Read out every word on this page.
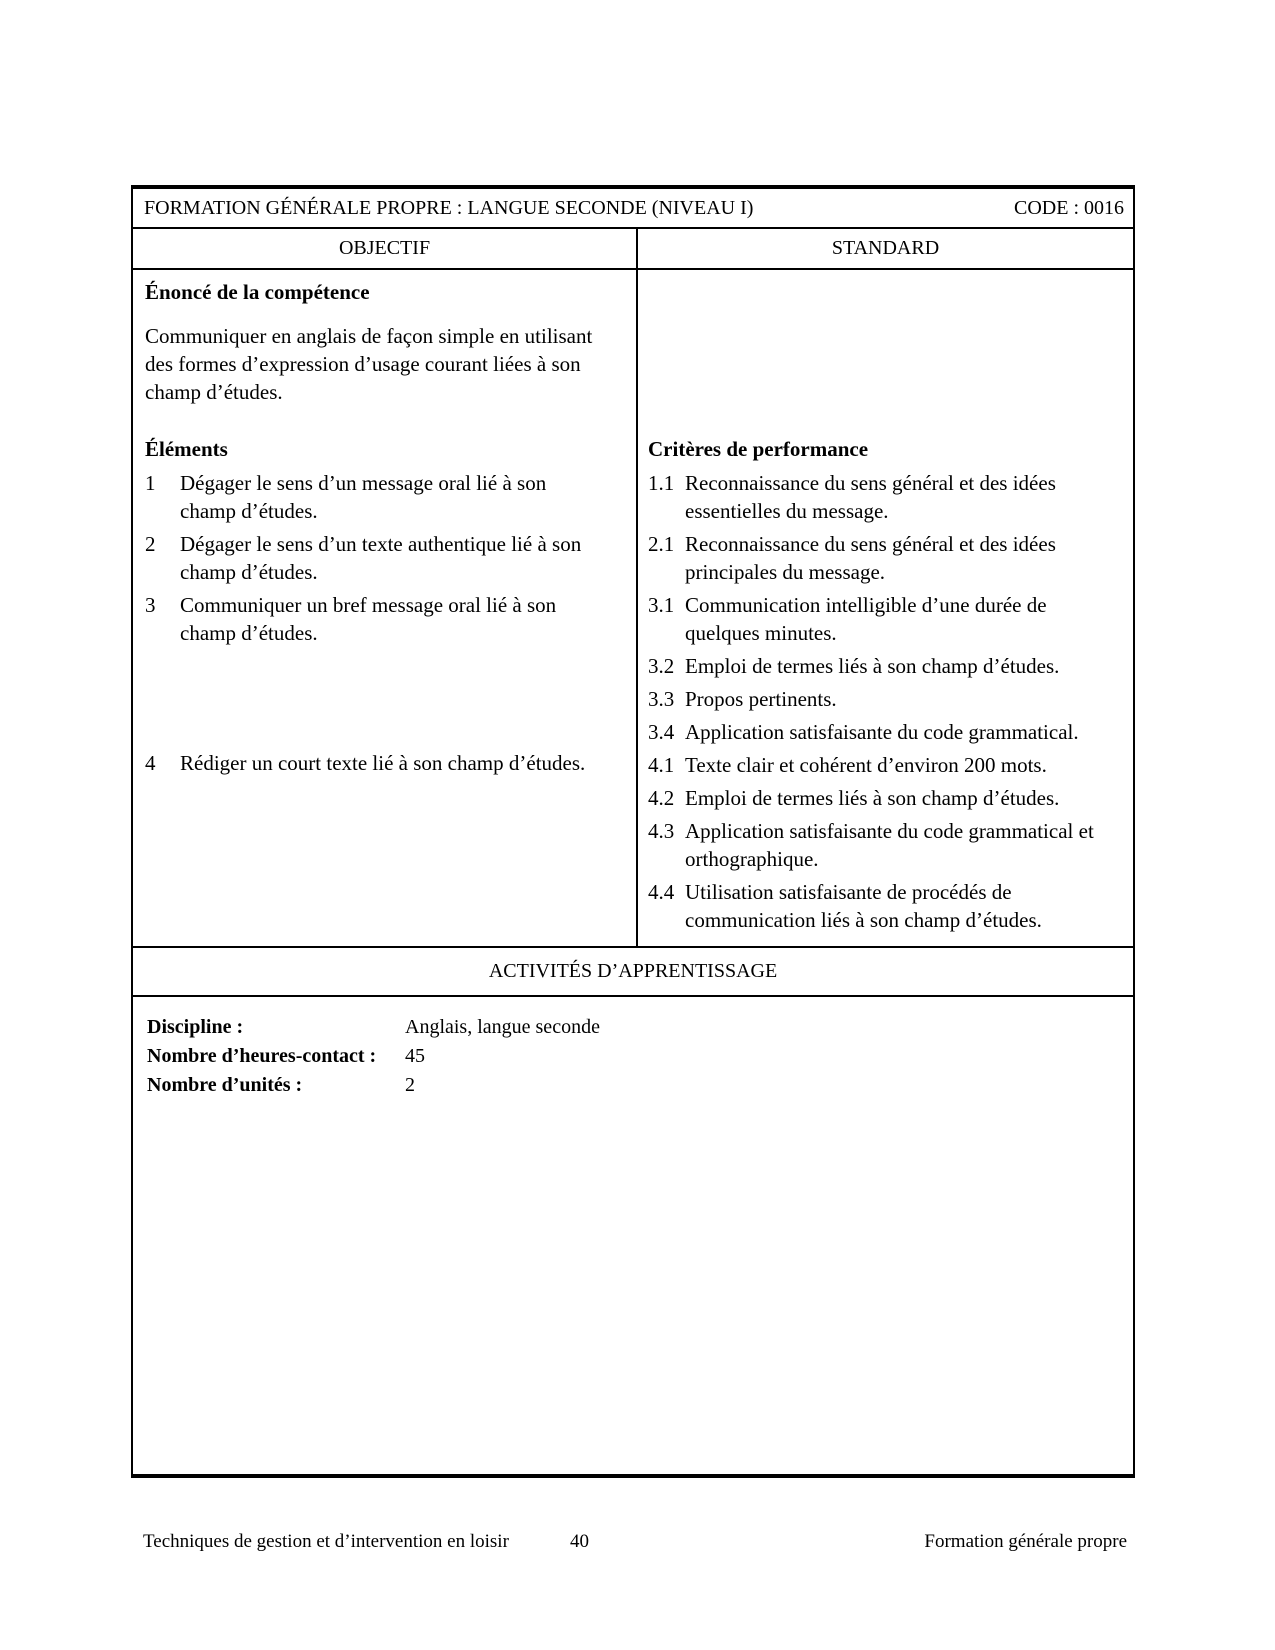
FORMATION GÉNÉRALE PROPRE : LANGUE SECONDE (NIVEAU I)	CODE : 0016
OBJECTIF	STANDARD
Énoncé de la compétence

Communiquer en anglais de façon simple en utilisant des formes d’expression d’usage courant liées à son champ d’études.

Éléments
1	Dégager le sens d’un message oral lié à son champ d’études.
2	Dégager le sens d’un texte authentique lié à son champ d’études.
3	Communiquer un bref message oral lié à son champ d’études.
4	Rédiger un court texte lié à son champ d’études.
Critères de performance
1.1 Reconnaissance du sens général et des idées essentielles du message.
2.1 Reconnaissance du sens général et des idées principales du message.
3.1 Communication intelligible d’une durée de quelques minutes.
3.2 Emploi de termes liés à son champ d’études.
3.3 Propos pertinents.
3.4 Application satisfaisante du code grammatical.
4.1 Texte clair et cohérent d’environ 200 mots.
4.2 Emploi de termes liés à son champ d’études.
4.3 Application satisfaisante du code grammatical et orthographique.
4.4 Utilisation satisfaisante de procédés de communication liés à son champ d’études.
ACTIVITÉS D’APPRENTISSAGE
Discipline :	Anglais, langue seconde
Nombre d’heures-contact :	45
Nombre d’unités :	2
Techniques de gestion et d’intervention en loisir	40	Formation générale propre
